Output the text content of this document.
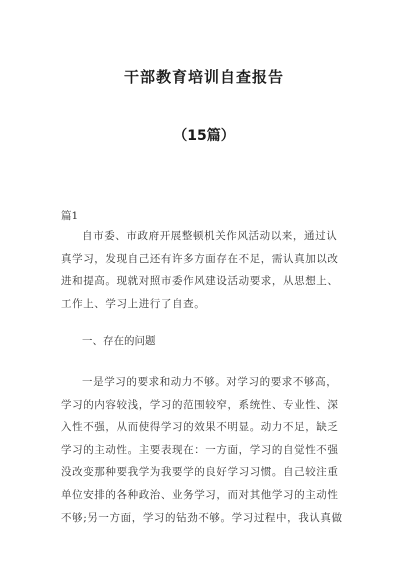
干部教育培训自查报告
（15篇）
篇1
自市委、市政府开展整顿机关作风活动以来，通过认
真学习，发现自己还有许多方面存在不足，需认真加以改
进和提高。现就对照市委作风建设活动要求，从思想上、
工作上、学习上进行了自查。
一、存在的问题
一是学习的要求和动力不够。对学习的要求不够高，
学习的内容较浅，学习的范围较窄，系统性、专业性、深
入性不强，从而使得学习的效果不明显。动力不足，缺乏
学习的主动性。主要表现在：一方面，学习的自觉性不强
没改变那种要我学为我要学的良好学习习惯。自己较注重
单位安排的各种政治、业务学习，而对其他学习的主动性
不够;另一方面，学习的钻劲不够。学习过程中，我认真做
